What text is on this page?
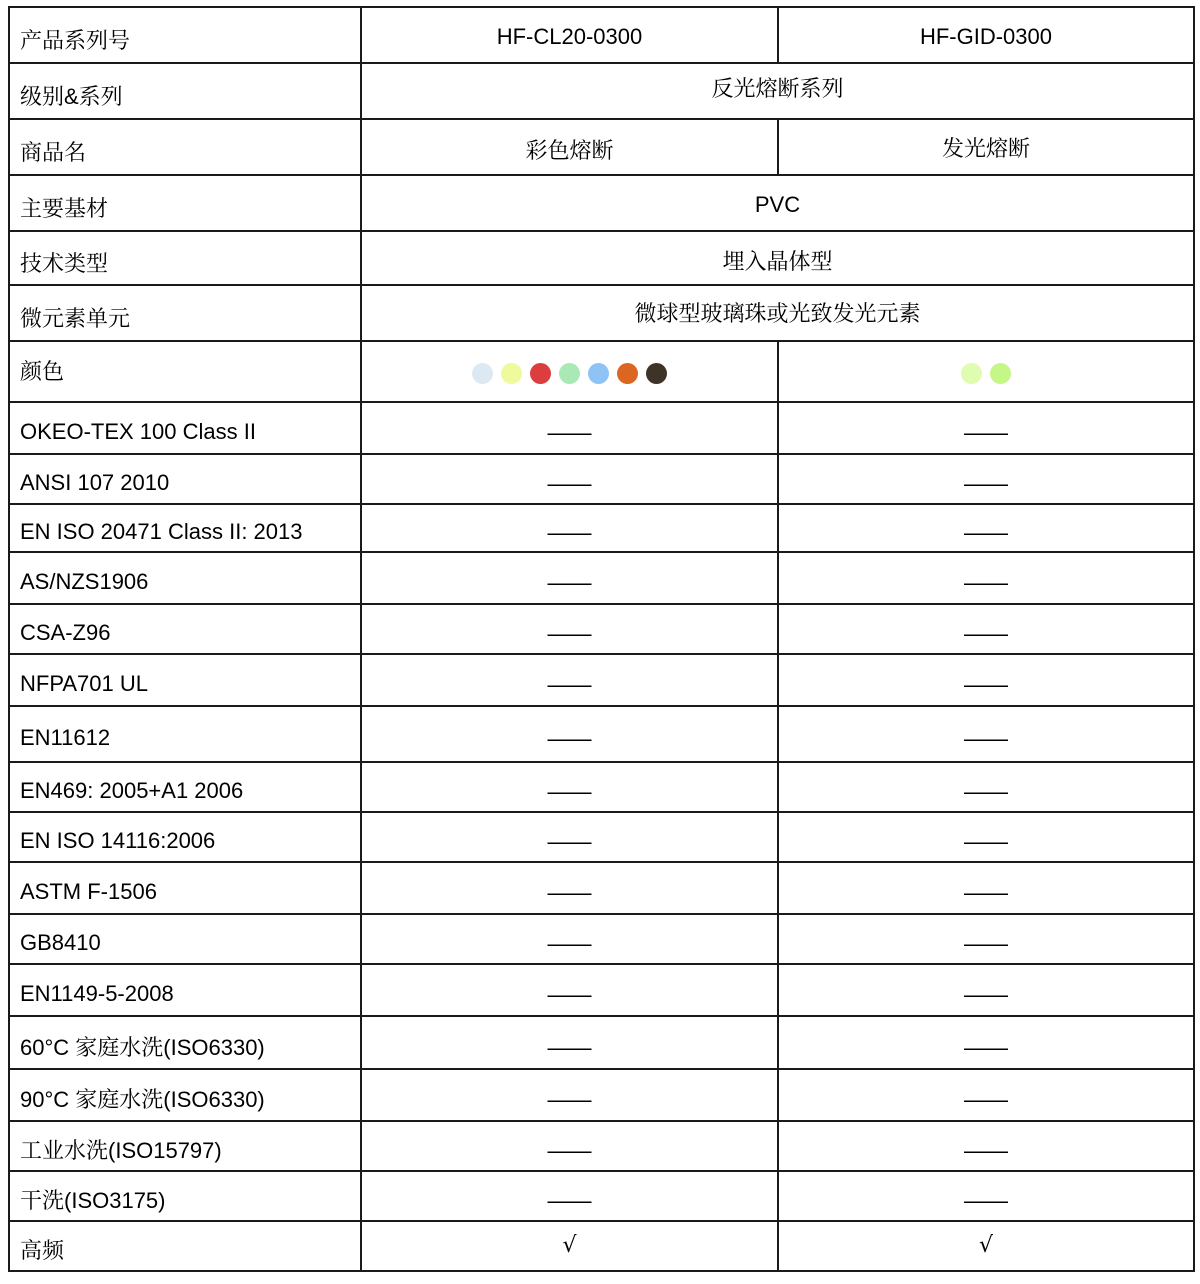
产品系列号	HF-CL20-0300	HF-GID-0300
级别&系列	反光熔断系列	
商品名	彩色熔断	发光熔断
主要基材	PVC	
技术类型	埋入晶体型	
微元素单元	微球型玻璃珠或光致发光元素	
颜色	

OKEO-TEX 100 Class II	——	——
ANSI 107 2010	——	——
EN ISO 20471 Class II: 2013	——	——
AS/NZS1906	——	——
CSA-Z96	——	——
NFPA701 UL	——	——
EN11612	——	——
EN469: 2005+A1 2006	——	——
EN ISO 14116:2006	——	——
ASTM F-1506	——	——
GB8410	——	——
EN1149-5-2008	——	——
60°C 家庭水洗(ISO6330)	——	——
90°C 家庭水洗(ISO6330)	——	——
工业水洗(ISO15797)	——	——
干洗(ISO3175)	——	——
高频	√	√
